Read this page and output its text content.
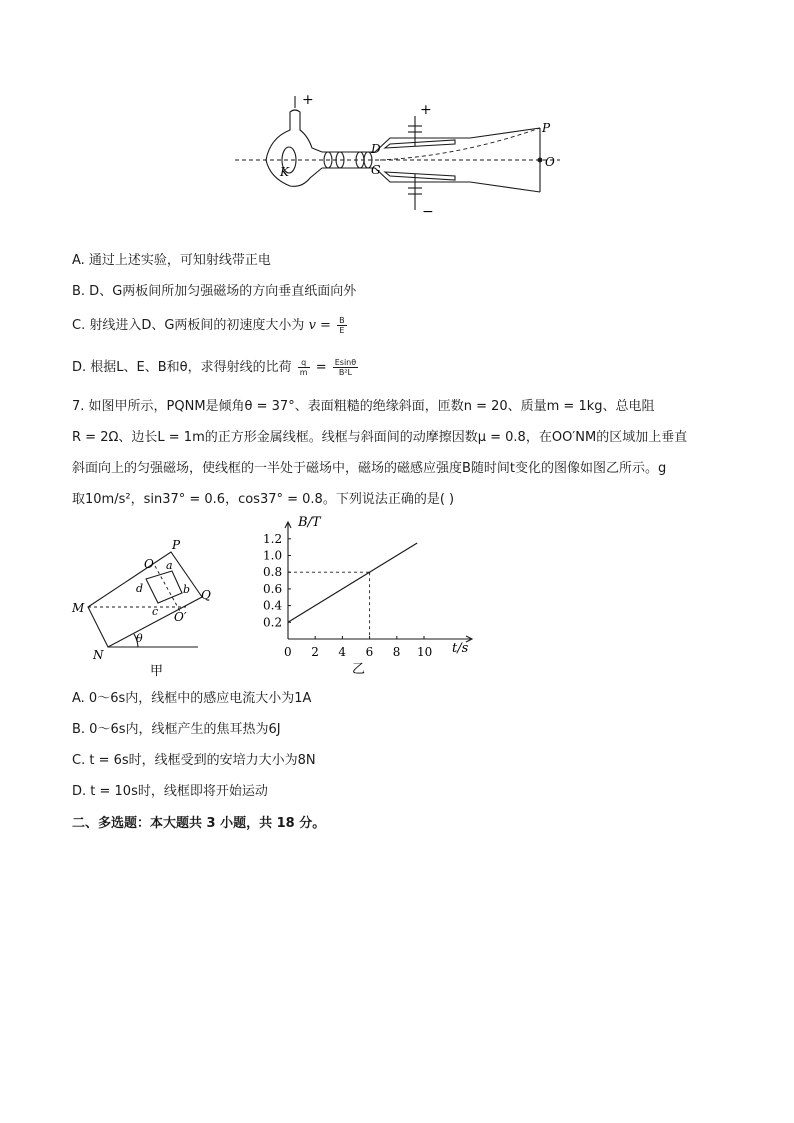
+
+
−
K
D
G
P
O
A. 通过上述实验，可知射线带正电
B. D、G两板间所加匀强磁场的方向垂直纸面向外
C. 射线进入D、G两板间的初速度大小为 $v = \frac{B}{E}$
D. 根据L、E、B和θ，求得射线的比荷 $\frac{q}{m} = \frac{Esin\theta}{\text{B²L}}$
7. 如图甲所示，PQNM是倾角θ = 37°、表面粗糙的绝缘斜面，匝数n = 20、质量m = 1kg、总电阻
R = 2Ω、边长L = 1m的正方形金属线框。线框与斜面间的动摩擦因数μ = 0.8，在OO′NM的区域加上垂直
斜面向上的匀强磁场，使线框的一半处于磁场中，磁场的磁感应强度B随时间t变化的图像如图乙所示。g
取10m/s²，sin37° = 0.6，cos37° = 0.8。下列说法正确的是( )
P
O a
d	b
c
Q
M
O′
N
θ
甲
2 4 6 8 10
0.2
0.4
0.6
0.8
1.0
1.2
B/T
t/s
0
乙
A. 0～6s内，线框中的感应电流大小为1A
B. 0～6s内，线框产生的焦耳热为6J
C. t = 6s时，线框受到的安培力大小为8N
D. t = 10s时，线框即将开始运动
二、多选题：本大题共 3 小题，共 18 分。
